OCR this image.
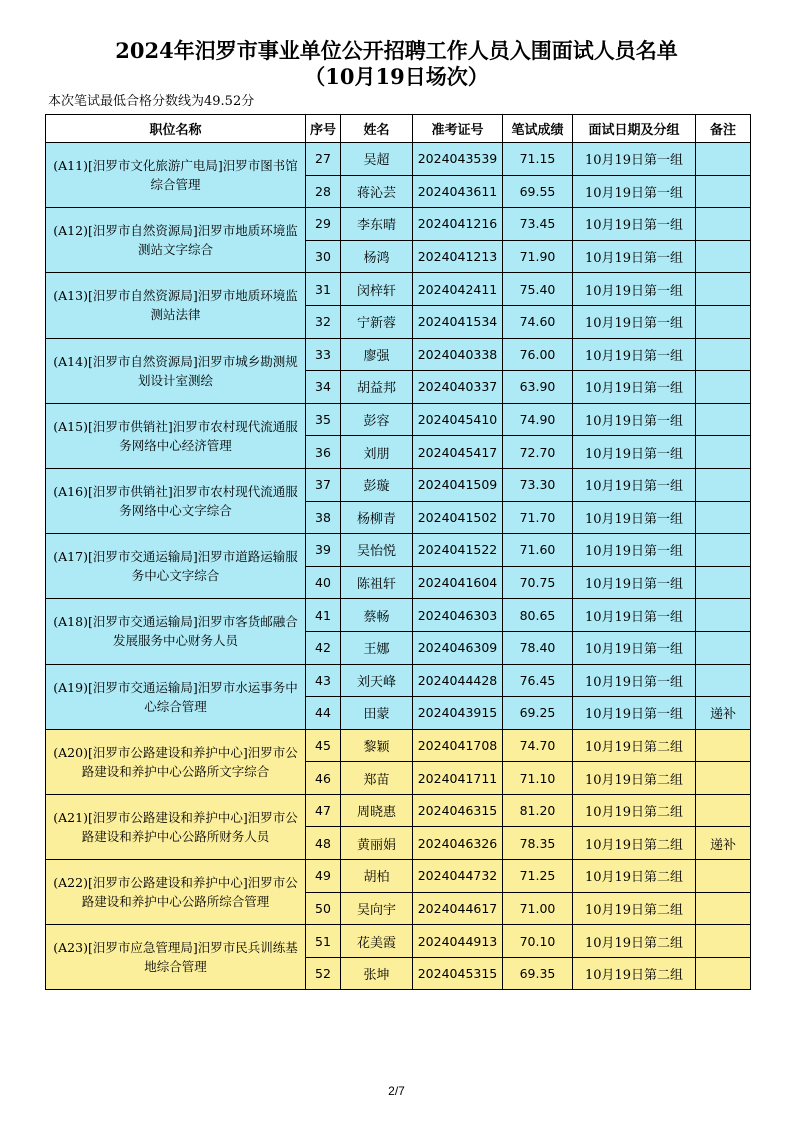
2024年汨罗市事业单位公开招聘工作人员入围面试人员名单
（10月19日场次）
本次笔试最低合格分数线为49.52分
职位名称	序号	姓名	准考证号	笔试成绩	面试日期及分组	备注
(A11)[汨罗市文化旅游广电局]汨罗市图书馆综合管理	27	吴超	2024043539	71.15	10月19日第一组	
	28	蒋沁芸	2024043611	69.55	10月19日第一组	
(A12)[汨罗市自然资源局]汨罗市地质环境监测站文字综合	29	李东晴	2024041216	73.45	10月19日第一组	
	30	杨鸿	2024041213	71.90	10月19日第一组	
(A13)[汨罗市自然资源局]汨罗市地质环境监测站法律	31	闵梓轩	2024042411	75.40	10月19日第一组	
	32	宁新蓉	2024041534	74.60	10月19日第一组	
(A14)[汨罗市自然资源局]汨罗市城乡勘测规划设计室测绘	33	廖强	2024040338	76.00	10月19日第一组	
	34	胡益邦	2024040337	63.90	10月19日第一组	
(A15)[汨罗市供销社]汨罗市农村现代流通服务网络中心经济管理	35	彭容	2024045410	74.90	10月19日第一组	
	36	刘朋	2024045417	72.70	10月19日第一组	
(A16)[汨罗市供销社]汨罗市农村现代流通服务网络中心文字综合	37	彭璇	2024041509	73.30	10月19日第一组	
	38	杨柳青	2024041502	71.70	10月19日第一组	
(A17)[汨罗市交通运输局]汨罗市道路运输服务中心文字综合	39	吴怡悦	2024041522	71.60	10月19日第一组	
	40	陈祖轩	2024041604	70.75	10月19日第一组	
(A18)[汨罗市交通运输局]汨罗市客货邮融合发展服务中心财务人员	41	蔡畅	2024046303	80.65	10月19日第一组	
	42	王娜	2024046309	78.40	10月19日第一组	
(A19)[汨罗市交通运输局]汨罗市水运事务中心综合管理	43	刘天峰	2024044428	76.45	10月19日第一组	
	44	田蒙	2024043915	69.25	10月19日第一组	递补
(A20)[汨罗市公路建设和养护中心]汨罗市公路建设和养护中心公路所文字综合	45	黎颖	2024041708	74.70	10月19日第二组	
	46	郑苗	2024041711	71.10	10月19日第二组	
(A21)[汨罗市公路建设和养护中心]汨罗市公路建设和养护中心公路所财务人员	47	周晓惠	2024046315	81.20	10月19日第二组	
	48	黄丽娟	2024046326	78.35	10月19日第二组	递补
(A22)[汨罗市公路建设和养护中心]汨罗市公路建设和养护中心公路所综合管理	49	胡柏	2024044732	71.25	10月19日第二组	
	50	吴向宇	2024044617	71.00	10月19日第二组	
(A23)[汨罗市应急管理局]汨罗市民兵训练基地综合管理	51	花美霞	2024044913	70.10	10月19日第二组	
	52	张坤	2024045315	69.35	10月19日第二组	
2/7
